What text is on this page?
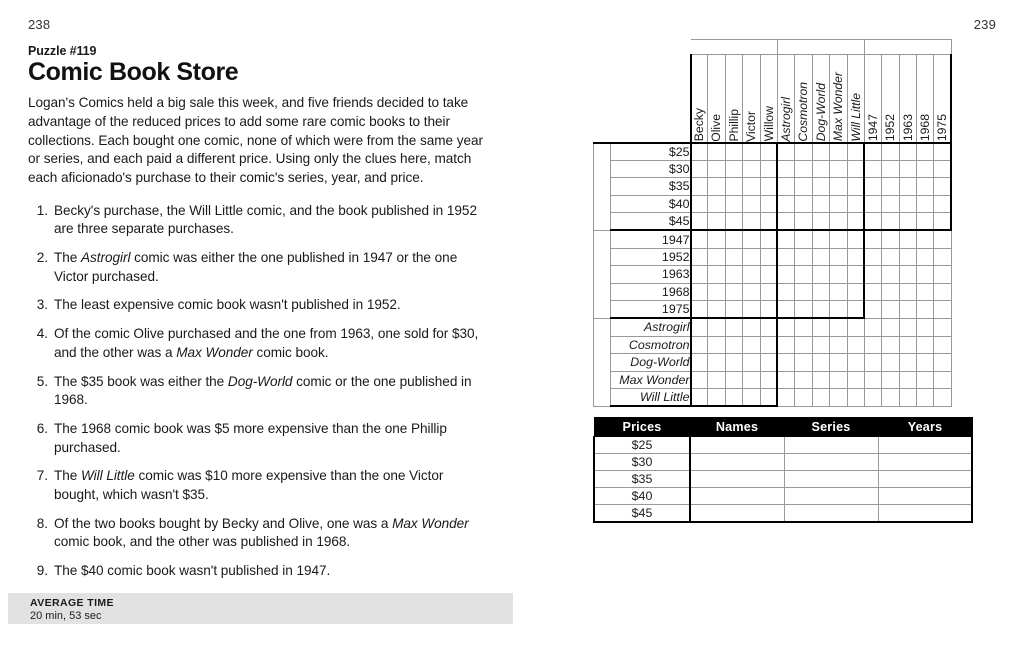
238	239
Puzzle #119
Comic Book Store

Logan's Comics held a big sale this week, and five friends decided to take advantage of the reduced prices to add some rare comic books to their collections. Each bought one comic, none of which were from the same year or series, and each paid a different price. Using only the clues here, match each aficionado's purchase to their comic's series, year, and price.

Becky's purchase, the Will Little comic, and the book published in 1952 are three separate purchases.
The Astrogirl comic was either the one published in 1947 or the one Victor purchased.
The least expensive comic book wasn't published in 1952.
Of the comic Olive purchased and the one from 1963, one sold for $30, and the other was a Max Wonder comic book.
The $35 book was either the Dog-World comic or the one published in 1968.
The 1968 comic book was $5 more expensive than the one Phillip purchased.
The Will Little comic was $10 more expensive than the one Victor bought, which wasn't $35.
Of the two books bought by Becky and Olive, one was a Max Wonder comic book, and the other was published in 1968.
The $40 comic book wasn't published in 1947.
		Names					Series					Years				

		Becky	Olive	Phillip	Victor	Willow	Astrogirl	Cosmotron	Dog-World	Max Wonder	Will Little	1947	1952	1963	1968	1975

Prices	$25															
	$30															
	$35															
	$40															
	$45															

Years	1947															
	1952															
	1963															
	1968															
	1975															

Series	Astrogirl															
	Cosmotron															
	Dog-World															
	Max Wonder															
	Will Little															
Prices	Names	Series	Years
$25			
$30			
$35			
$40			
$45			
AVERAGE TIME
20 min, 53 sec
